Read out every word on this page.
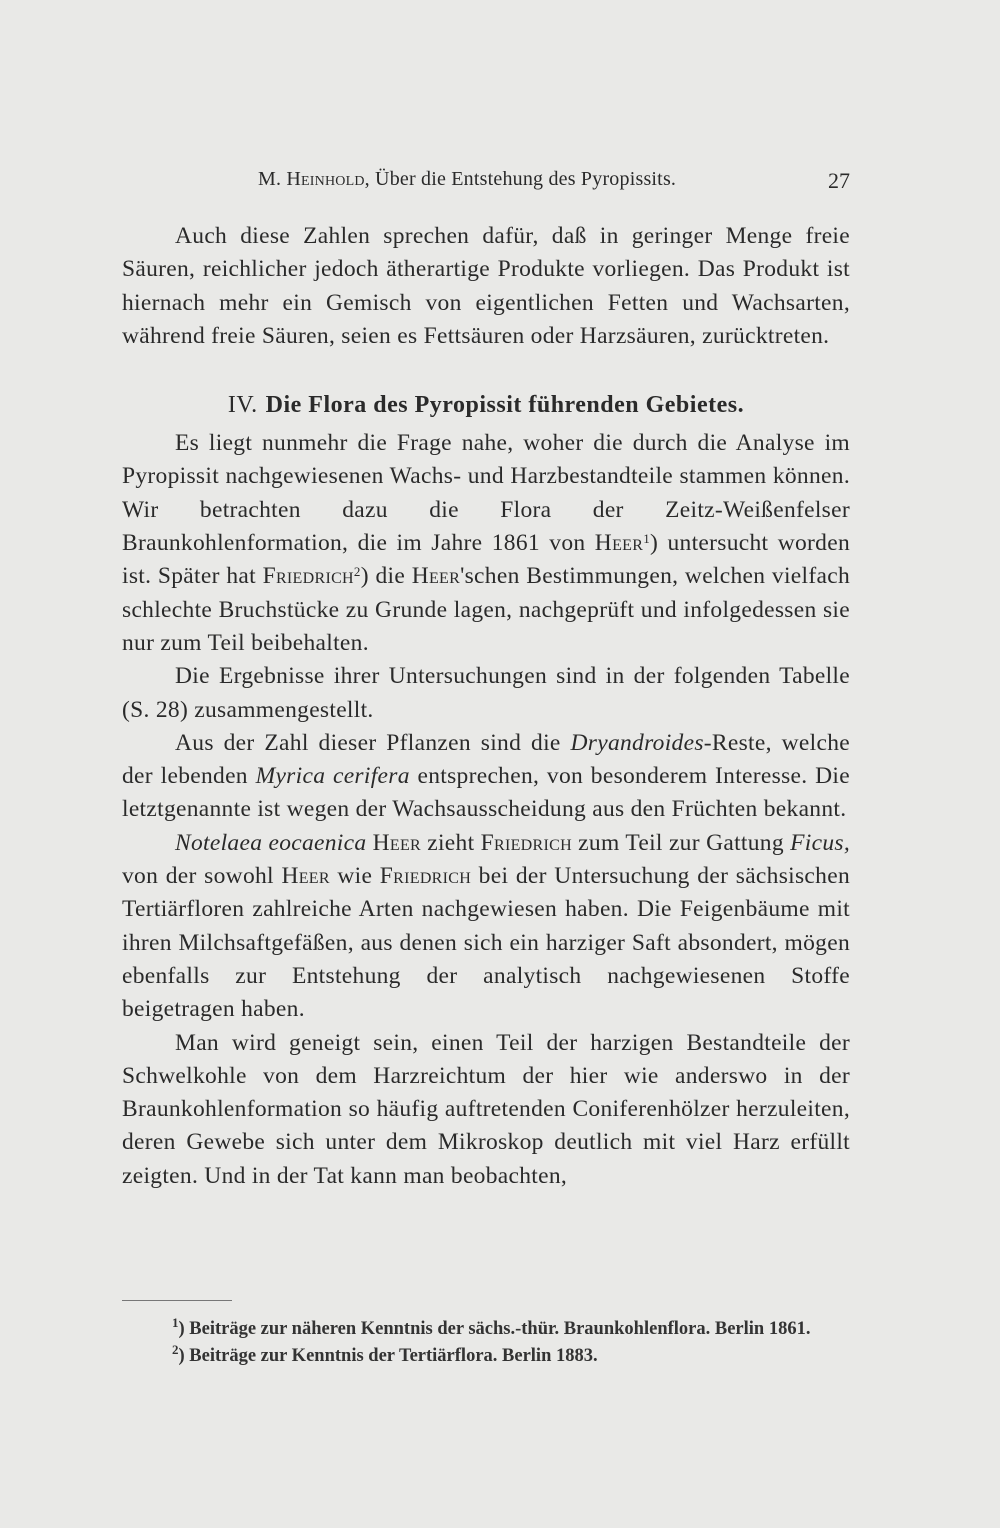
M. Heinhold, Über die Entstehung des Pyropissits.	27

Auch diese Zahlen sprechen dafür, daß in geringer Menge freie Säuren, reichlicher jedoch ätherartige Produkte vorliegen. Das Produkt ist hiernach mehr ein Gemisch von eigentlichen Fetten und Wachsarten, während freie Säuren, seien es Fettsäuren oder Harzsäuren, zurücktreten.

IV. Die Flora des Pyropissit führenden Gebietes.

Es liegt nunmehr die Frage nahe, woher die durch die Analyse im Pyropissit nachgewiesenen Wachs- und Harzbestandteile stammen können. Wir betrachten dazu die Flora der Zeitz-Weißenfelser Braunkohlenformation, die im Jahre 1861 von Heer$^1$) untersucht worden ist. Später hat Friedrich$^2$) die Heer'schen Bestimmungen, welchen vielfach schlechte Bruchstücke zu Grunde lagen, nachgeprüft und infolgedessen sie nur zum Teil beibehalten.

Die Ergebnisse ihrer Untersuchungen sind in der folgenden Tabelle (S. 28) zusammengestellt.

Aus der Zahl dieser Pflanzen sind die Dryandroides-Reste, welche der lebenden Myrica cerifera entsprechen, von besonderem Interesse. Die letztgenannte ist wegen der Wachsausscheidung aus den Früchten bekannt.

Notelaea eocaenica Heer zieht Friedrich zum Teil zur Gattung Ficus, von der sowohl Heer wie Friedrich bei der Untersuchung der sächsischen Tertiärfloren zahlreiche Arten nachgewiesen haben. Die Feigenbäume mit ihren Milchsaftgefäßen, aus denen sich ein harziger Saft absondert, mögen ebenfalls zur Entstehung der analytisch nachgewiesenen Stoffe beigetragen haben.

Man wird geneigt sein, einen Teil der harzigen Bestandteile der Schwelkohle von dem Harzreichtum der hier wie anderswo in der Braunkohlenformation so häufig auftretenden Coniferenhölzer herzuleiten, deren Gewebe sich unter dem Mikroskop deutlich mit viel Harz erfüllt zeigten. Und in der Tat kann man beobachten,

$^1$) Beiträge zur näheren Kenntnis der sächs.-thür. Braunkohlenflora. Berlin 1861.

$^2$) Beiträge zur Kenntnis der Tertiärflora. Berlin 1883.
